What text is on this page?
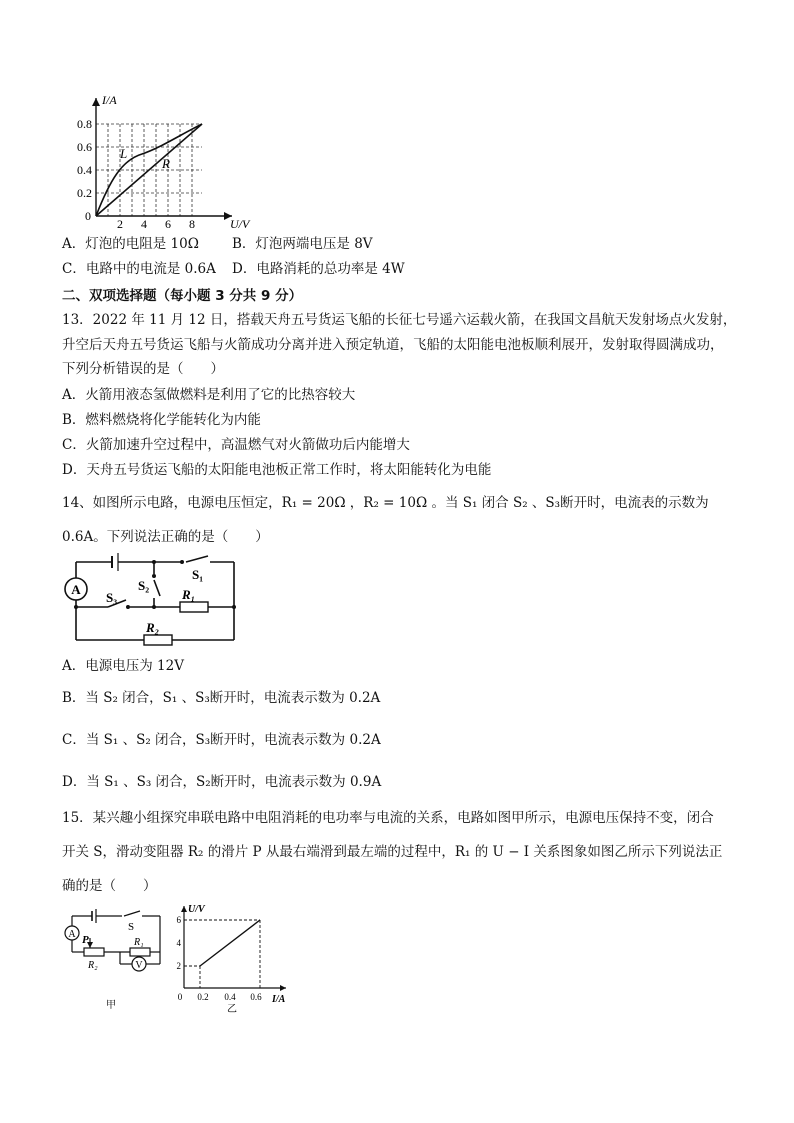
L
R
I/A
U/V
0.8
0.6
0.4
0.2
0
2 4 6 8
A．灯泡的电阻是 10Ω B．灯泡两端电压是 8V
C．电路中的电流是 0.6A D．电路消耗的总功率是 4W
二、双项选择题（每小题 3 分共 9 分）
13．2022 年 11 月 12 日，搭载天舟五号货运飞船的长征七号遥六运载火箭，在我国文昌航天发射场点火发射，
升空后天舟五号货运飞船与火箭成功分离并进入预定轨道，飞船的太阳能电池板顺利展开，发射取得圆满成功，
下列分析错误的是（　　）
A．火箭用液态氢做燃料是利用了它的比热容较大
B．燃料燃烧将化学能转化为内能
C．火箭加速升空过程中，高温燃气对火箭做功后内能增大
D．天舟五号货运飞船的太阳能电池板正常工作时，将太阳能转化为电能
14、如图所示电路，电源电压恒定，R₁ = 20Ω ，R₂ = 10Ω 。当 S₁ 闭合 S₂ 、S₃断开时，电流表的示数为
0.6A。下列说法正确的是（　　）
A
S₁
S₂
S₃	R₁
R₂
A．电源电压为 12V
B．当 S₂ 闭合，S₁ 、S₃断开时，电流表示数为 0.2A
C．当 S₁ 、S₂ 闭合，S₃断开时，电流表示数为 0.2A
D．当 S₁ 、S₃ 闭合，S₂断开时，电流表示数为 0.9A
15．某兴趣小组探究串联电路中电阻消耗的电功率与电流的关系，电路如图甲所示，电源电压保持不变，闭合
开关 S，滑动变阻器 R₂ 的滑片 P 从最右端滑到最左端的过程中，R₁ 的 U − I 关系图象如图乙所示下列说法正
确的是（　　）
A
V
S
P	R₁
R₂
甲
U/V
I/A
6
4
2
0 0.2 0.4 0.6
乙
